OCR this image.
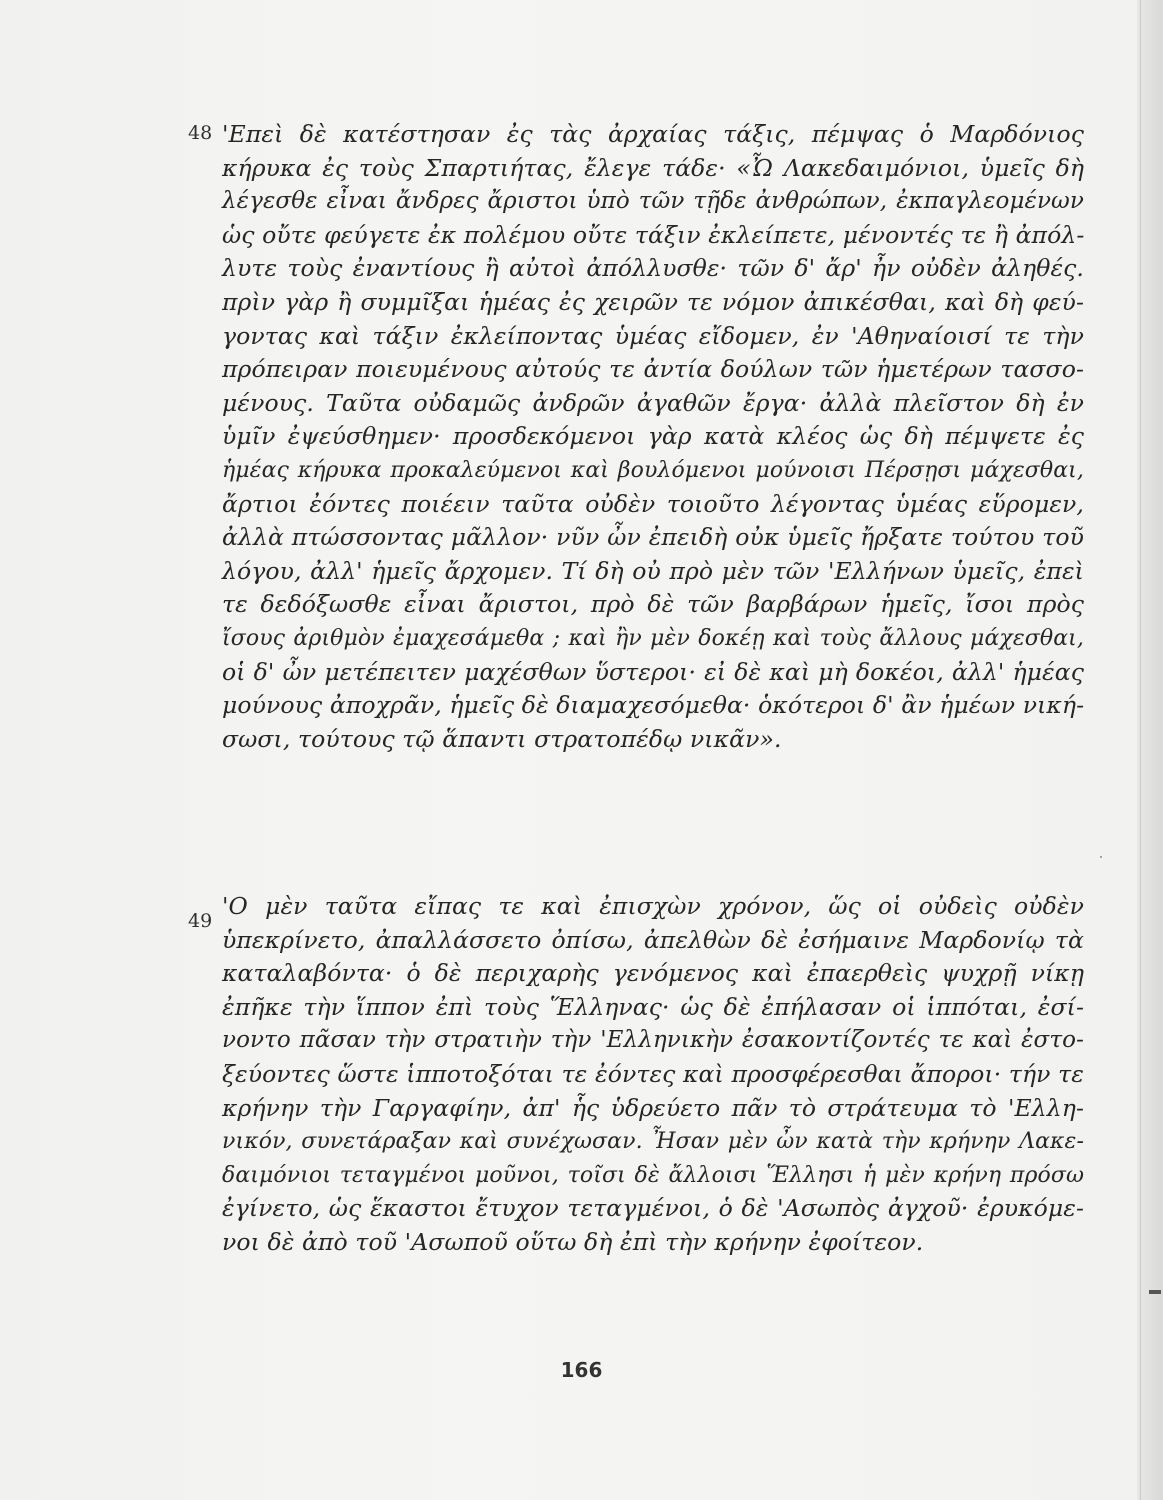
48 'Επεὶ δὲ κατέστησαν ἐς τὰς ἀρχαίας τάξις, πέμψας ὁ Μαρδόνιος
κήρυκα ἐς τοὺς Σπαρτιήτας, ἔλεγε τάδε· «Ὦ Λακεδαιμόνιοι, ὑμεῖς δὴ
λέγεσθε εἶναι ἄνδρες ἄριστοι ὑπὸ τῶν τῇδε ἀνθρώπων, ἐκπαγλεομένων
ὡς οὔτε φεύγετε ἐκ πολέμου οὔτε τάξιν ἐκλείπετε, μένοντές τε ἢ ἀπόλ-
λυτε τοὺς ἐναντίους ἢ αὐτοὶ ἀπόλλυσθε· τῶν δ' ἄρ' ἦν οὐδὲν ἀληθές.
πρὶν γὰρ ἢ συμμῖξαι ἡμέας ἐς χειρῶν τε νόμον ἀπικέσθαι, καὶ δὴ φεύ-
γοντας καὶ τάξιν ἐκλείποντας ὑμέας εἴδομεν, ἐν 'Αθηναίοισί τε τὴν
πρόπειραν ποιευμένους αὐτούς τε ἀντία δούλων τῶν ἡμετέρων τασσο-
μένους. Ταῦτα οὐδαμῶς ἀνδρῶν ἀγαθῶν ἔργα· ἀλλὰ πλεῖστον δὴ ἐν
ὑμῖν ἐψεύσθημεν· προσδεκόμενοι γὰρ κατὰ κλέος ὡς δὴ πέμψετε ἐς
ἡμέας κήρυκα προκαλεύμενοι καὶ βουλόμενοι μούνοισι Πέρσῃσι μάχεσθαι,
ἄρτιοι ἐόντες ποιέειν ταῦτα οὐδὲν τοιοῦτο λέγοντας ὑμέας εὕρομεν,
ἀλλὰ πτώσσοντας μᾶλλον· νῦν ὦν ἐπειδὴ οὐκ ὑμεῖς ἤρξατε τούτου τοῦ
λόγου, ἀλλ' ἡμεῖς ἄρχομεν. Τί δὴ οὐ πρὸ μὲν τῶν 'Ελλήνων ὑμεῖς, ἐπεὶ
τε δεδόξωσθε εἶναι ἄριστοι, πρὸ δὲ τῶν βαρβάρων ἡμεῖς, ἴσοι πρὸς
ἴσους ἀριθμὸν ἐμαχεσάμεθα ; καὶ ἢν μὲν δοκέῃ καὶ τοὺς ἄλλους μάχεσθαι,
οἱ δ' ὦν μετέπειτεν μαχέσθων ὕστεροι· εἰ δὲ καὶ μὴ δοκέοι, ἀλλ' ἡμέας
μούνους ἀποχρᾶν, ἡμεῖς δὲ διαμαχεσόμεθα· ὁκότεροι δ' ἂν ἡμέων νική-
σωσι, τούτους τῷ ἅπαντι στρατοπέδῳ νικᾶν».
49
'Ο μὲν ταῦτα εἴπας τε καὶ ἐπισχὼν χρόνον, ὥς οἱ οὐδεὶς οὐδὲν
ὑπεκρίνετο, ἀπαλλάσσετο ὀπίσω, ἀπελθὼν δὲ ἐσήμαινε Μαρδονίῳ τὰ
καταλαβόντα· ὁ δὲ περιχαρὴς γενόμενος καὶ ἐπαερθεὶς ψυχρῇ νίκῃ
ἐπῆκε τὴν ἵππον ἐπὶ τοὺς Ἕλληνας· ὡς δὲ ἐπήλασαν οἱ ἱππόται, ἐσί-
νοντο πᾶσαν τὴν στρατιὴν τὴν 'Ελληνικὴν ἐσακοντίζοντές τε καὶ ἐστο-
ξεύοντες ὥστε ἱπποτοξόται τε ἐόντες καὶ προσφέρεσθαι ἄποροι· τήν τε
κρήνην τὴν Γαργαφίην, ἀπ' ἧς ὑδρεύετο πᾶν τὸ στράτευμα τὸ 'Ελλη-
νικόν, συνετάραξαν καὶ συνέχωσαν. Ἦσαν μὲν ὦν κατὰ τὴν κρήνην Λακε-
δαιμόνιοι τεταγμένοι μοῦνοι, τοῖσι δὲ ἄλλοισι Ἕλλησι ἡ μὲν κρήνη πρόσω
ἐγίνετο, ὡς ἕκαστοι ἔτυχον τεταγμένοι, ὁ δὲ 'Ασωπὸς ἀγχοῦ· ἐρυκόμε-
νοι δὲ ἀπὸ τοῦ 'Ασωποῦ οὕτω δὴ ἐπὶ τὴν κρήνην ἐφοίτεον.
166
